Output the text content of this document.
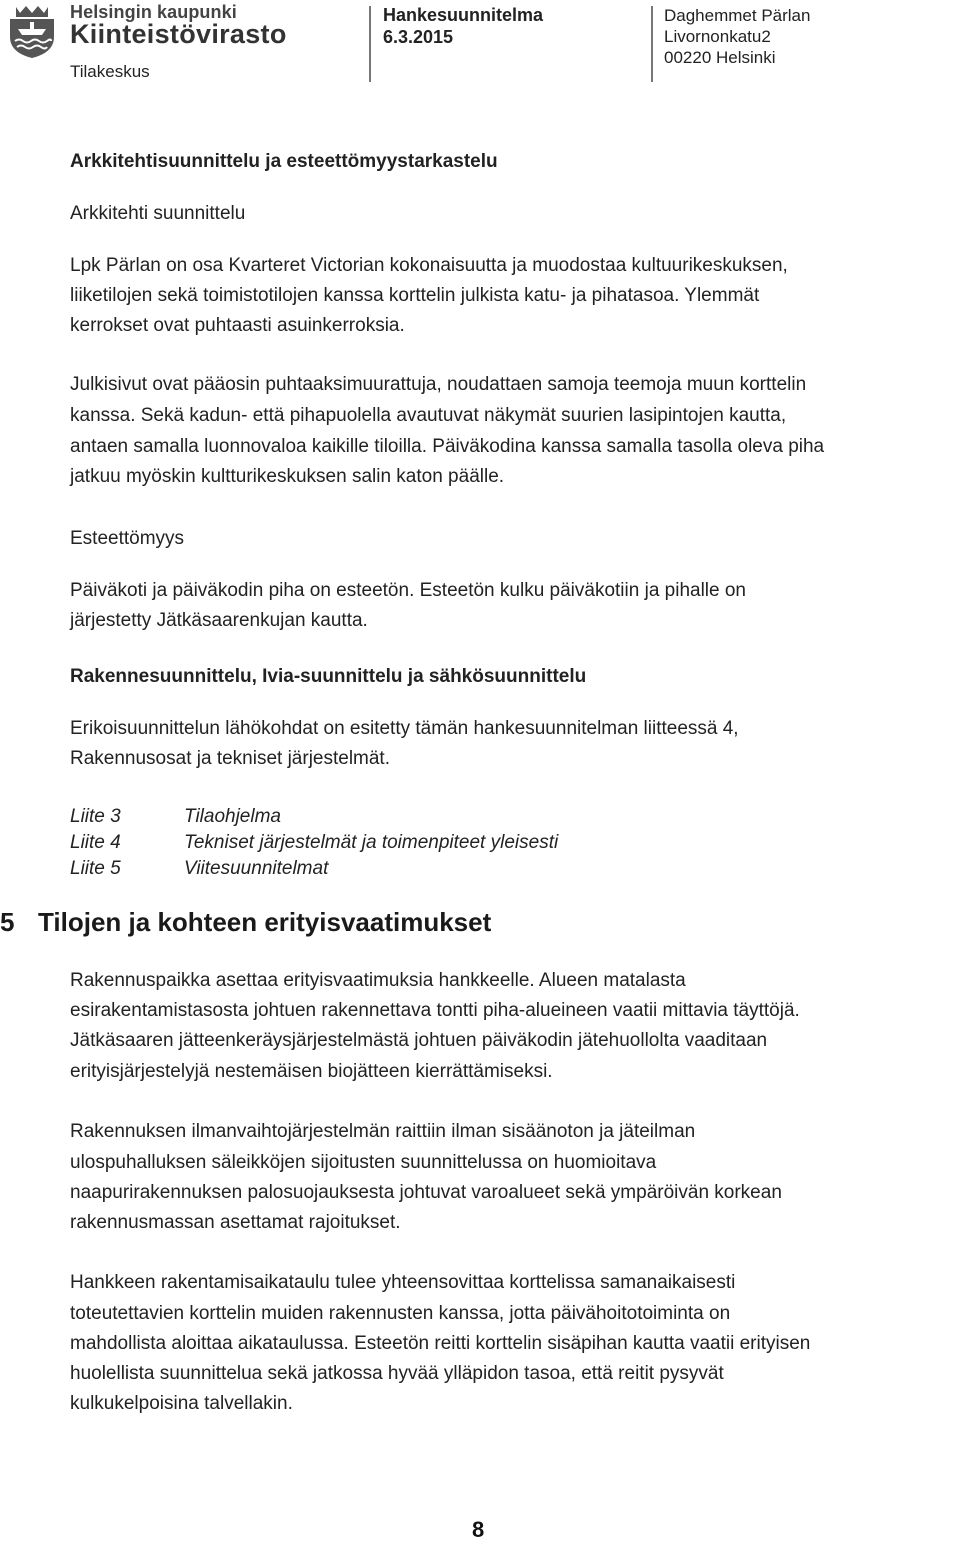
Helsingin kaupunki
Kiinteistövirasto
Tilakeskus
Hankesuunnitelma
6.3.2015
Daghemmet Pärlan
Livornonkatu2
00220 Helsinki
Arkkitehtisuunnittelu ja esteettömyystarkastelu
Arkkitehti suunnittelu
Lpk Pärlan on osa Kvarteret Victorian kokonaisuutta ja muodostaa kultuurikeskuksen,
liiketilojen sekä toimistotilojen kanssa korttelin julkista katu- ja pihatasoa. Ylemmät
kerrokset ovat puhtaasti asuinkerroksia.
Julkisivut ovat pääosin puhtaaksimuurattuja, noudattaen samoja teemoja muun korttelin
kanssa. Sekä kadun- että pihapuolella avautuvat näkymät suurien lasipintojen kautta,
antaen samalla luonnovaloa kaikille tiloilla. Päiväkodina kanssa samalla tasolla oleva piha
jatkuu myöskin kultturikeskuksen salin katon päälle.
Esteettömyys
Päiväkoti ja päiväkodin piha on esteetön. Esteetön kulku päiväkotiin ja pihalle on
järjestetty Jätkäsaarenkujan kautta.
Rakennesuunnittelu, Ivia-suunnittelu ja sähkösuunnittelu
Erikoisuunnittelun lähökohdat on esitetty tämän hankesuunnitelman liitteessä 4,
Rakennusosat ja tekniset järjestelmät.
Liite 3	Tilaohjelma
Liite 4	Tekniset järjestelmät ja toimenpiteet yleisesti
Liite 5	Viitesuunnitelmat
5 Tilojen ja kohteen erityisvaatimukset
Rakennuspaikka asettaa erityisvaatimuksia hankkeelle. Alueen matalasta
esirakentamistasosta johtuen rakennettava tontti piha-alueineen vaatii mittavia täyttöjä.
Jätkäsaaren jätteenkeräysjärjestelmästä johtuen päiväkodin jätehuollolta vaaditaan
erityisjärjestelyjä nestemäisen biojätteen kierrättämiseksi.
Rakennuksen ilmanvaihtojärjestelmän raittiin ilman sisäänoton ja jäteilman
ulospuhalluksen säleikköjen sijoitusten suunnittelussa on huomioitava
naapurirakennuksen palosuojauksesta johtuvat varoalueet sekä ympäröivän korkean
rakennusmassan asettamat rajoitukset.
Hankkeen rakentamisaikataulu tulee yhteensovittaa korttelissa samanaikaisesti
toteutettavien korttelin muiden rakennusten kanssa, jotta päivähoitotoiminta on
mahdollista aloittaa aikataulussa. Esteetön reitti korttelin sisäpihan kautta vaatii erityisen
huolellista suunnittelua sekä jatkossa hyvää ylläpidon tasoa, että reitit pysyvät
kulkukelpoisina talvellakin.
8
